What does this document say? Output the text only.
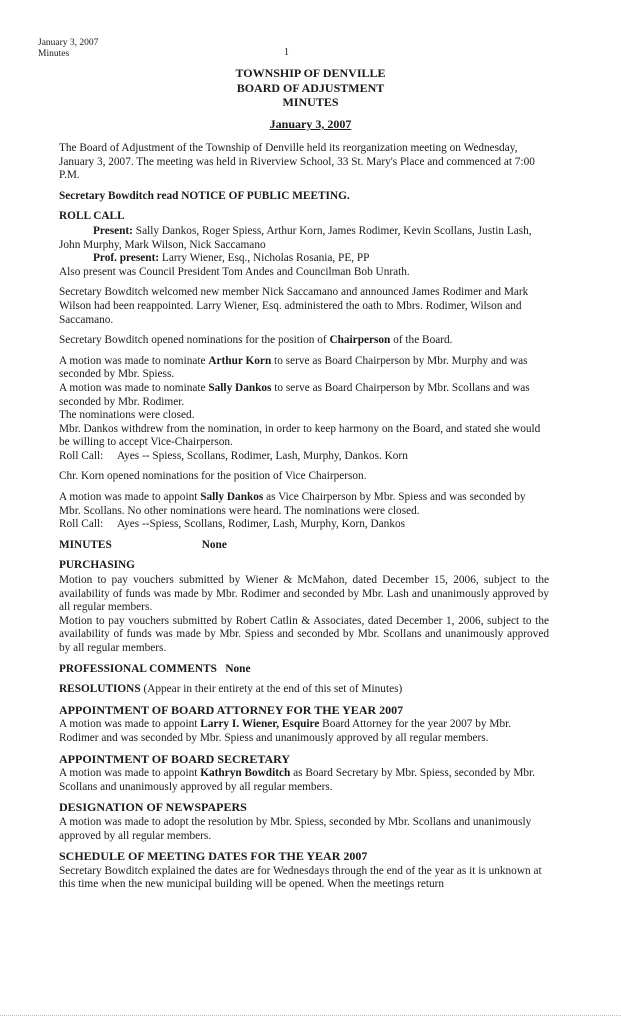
January 3, 2007
Minutes	1
TOWNSHIP OF DENVILLE
BOARD OF ADJUSTMENT
MINUTES
January 3, 2007

The Board of Adjustment of the Township of Denville held its reorganization meeting on Wednesday, January 3, 2007. The meeting was held in Riverview School, 33 St. Mary's Place and commenced at 7:00 P.M.

Secretary Bowditch read NOTICE OF PUBLIC MEETING.

ROLL CALL
Present: Sally Dankos, Roger Spiess, Arthur Korn, James Rodimer, Kevin Scollans, Justin Lash, John Murphy, Mark Wilson, Nick Saccamano
Prof. present: Larry Wiener, Esq., Nicholas Rosania, PE, PP
Also present was Council President Tom Andes and Councilman Bob Unrath.

Secretary Bowditch welcomed new member Nick Saccamano and announced James Rodimer and Mark Wilson had been reappointed. Larry Wiener, Esq. administered the oath to Mbrs. Rodimer, Wilson and Saccamano.

Secretary Bowditch opened nominations for the position of Chairperson of the Board.

A motion was made to nominate Arthur Korn to serve as Board Chairperson by Mbr. Murphy and was seconded by Mbr. Spiess.
A motion was made to nominate Sally Dankos to serve as Board Chairperson by Mbr. Scollans and was seconded by Mbr. Rodimer.
The nominations were closed.
Mbr. Dankos withdrew from the nomination, in order to keep harmony on the Board, and stated she would be willing to accept Vice-Chairperson.
Roll Call: Ayes -- Spiess, Scollans, Rodimer, Lash, Murphy, Dankos. Korn

Chr. Korn opened nominations for the position of Vice Chairperson.

A motion was made to appoint Sally Dankos as Vice Chairperson by Mbr. Spiess and was seconded by Mbr. Scollans. No other nominations were heard. The nominations were closed.
Roll Call: Ayes --Spiess, Scollans, Rodimer, Lash, Murphy, Korn, Dankos

MINUTES	None

PURCHASING
Motion to pay vouchers submitted by Wiener & McMahon, dated December 15, 2006, subject to the availability of funds was made by Mbr. Rodimer and seconded by Mbr. Lash and unanimously approved by all regular members.
Motion to pay vouchers submitted by Robert Catlin & Associates, dated December 1, 2006, subject to the availability of funds was made by Mbr. Spiess and seconded by Mbr. Scollans and unanimously approved by all regular members.

PROFESSIONAL COMMENTS None

RESOLUTIONS (Appear in their entirety at the end of this set of Minutes)

APPOINTMENT OF BOARD ATTORNEY FOR THE YEAR 2007
A motion was made to appoint Larry I. Wiener, Esquire Board Attorney for the year 2007 by Mbr. Rodimer and was seconded by Mbr. Spiess and unanimously approved by all regular members.
APPOINTMENT OF BOARD SECRETARY
A motion was made to appoint Kathryn Bowditch as Board Secretary by Mbr. Spiess, seconded by Mbr. Scollans and unanimously approved by all regular members.
DESIGNATION OF NEWSPAPERS
A motion was made to adopt the resolution by Mbr. Spiess, seconded by Mbr. Scollans and unanimously approved by all regular members.
SCHEDULE OF MEETING DATES FOR THE YEAR 2007
Secretary Bowditch explained the dates are for Wednesdays through the end of the year as it is unknown at this time when the new municipal building will be opened. When the meetings return
